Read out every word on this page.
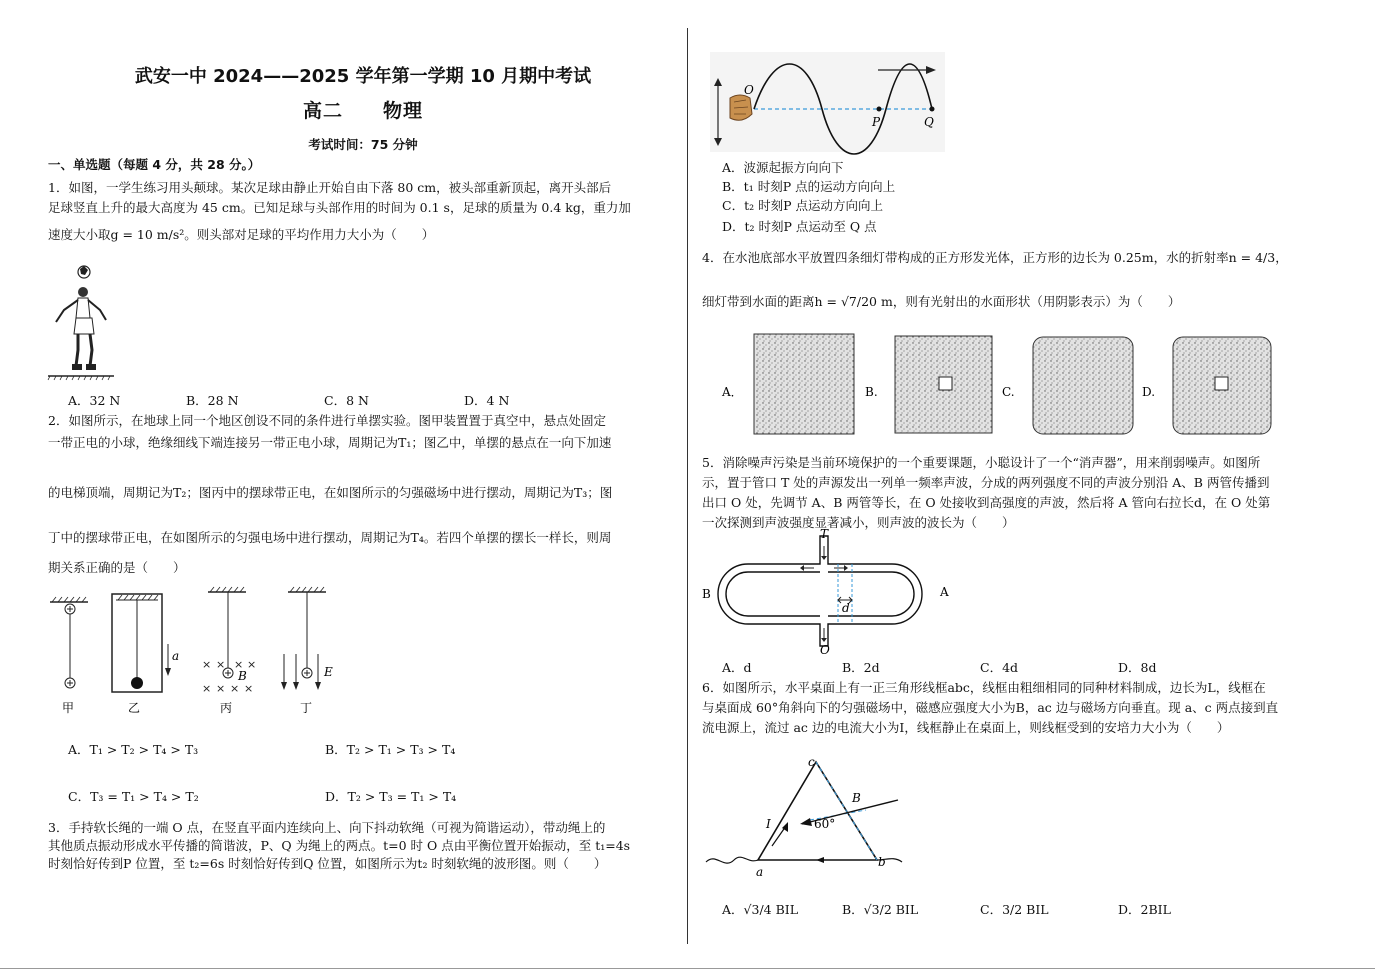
武安一中 2024——2025 学年第一学期 10 月期中考试
高二　　物理
考试时间：75 分钟
一、单选题（每题 4 分，共 28 分。）
1．如图，一学生练习用头颠球。某次足球由静止开始自由下落 80 cm，被头部重新顶起，离开头部后
足球竖直上升的最大高度为 45 cm。已知足球与头部作用的时间为 0.1 s，足球的质量为 0.4 kg，重力加
速度大小取g = 10 m/s²。则头部对足球的平均作用力大小为（　　）
A．32 N	B．28 N	C．8 N	D．4 N
2．如图所示，在地球上同一个地区创设不同的条件进行单摆实验。图甲装置置于真空中，悬点处固定
一带正电的小球，绝缘细线下端连接另一带正电小球，周期记为T₁；图乙中，单摆的悬点在一向下加速
的电梯顶端，周期记为T₂；图丙中的摆球带正电，在如图所示的匀强磁场中进行摆动，周期记为T₃；图
丁中的摆球带正电，在如图所示的匀强电场中进行摆动，周期记为T₄。若四个单摆的摆长一样长，则周
期关系正确的是（　　）
× × × ×
× × × ×
a
B	E
甲	乙	丙	丁
A．T₁ > T₂ > T₄ > T₃	B．T₂ > T₁ > T₃ > T₄
C．T₃ = T₁ > T₄ > T₂	D．T₂ > T₃ = T₁ > T₄
3．手持软长绳的一端 O 点，在竖直平面内连续向上、向下抖动软绳（可视为简谐运动），带动绳上的
其他质点振动形成水平传播的简谐波，P、Q 为绳上的两点。t=0 时 O 点由平衡位置开始振动，至 t₁=4s
时刻恰好传到P 位置，至 t₂=6s 时刻恰好传到Q 位置，如图所示为t₂ 时刻软绳的波形图。则（　　）
O
P	Q
A．波源起振方向向下
B．t₁ 时刻P 点的运动方向向上
C．t₂ 时刻P 点运动方向向上
D．t₂ 时刻P 点运动至 Q 点
4．在水池底部水平放置四条细灯带构成的正方形发光体，正方形的边长为 0.25m，水的折射率n = 4/3，
细灯带到水面的距离h = √7/20 m，则有光射出的水面形状（用阴影表示）为（　　）
A．	B.	C.	D.
5．消除噪声污染是当前环境保护的一个重要课题，小聪设计了一个“消声器”，用来削弱噪声。如图所
示，置于管口 T 处的声源发出一列单一频率声波，分成的两列强度不同的声波分别沿 A、B 两管传播到
出口 O 处，先调节 A、B 两管等长，在 O 处接收到高强度的声波，然后将 A 管向右拉长d，在 O 处第
一次探测到声波强度显著减小，则声波的波长为（　　）
T
A
B
O
d
A．d	B．2d	C．4d	D．8d
6．如图所示，水平桌面上有一正三角形线框abc，线框由粗细相同的同种材料制成，边长为L，线框在
与桌面成 60°角斜向下的匀强磁场中，磁感应强度大小为B，ac 边与磁场方向垂直。现 a、c 两点接到直
流电源上，流过 ac 边的电流大小为I，线框静止在桌面上，则线框受到的安培力大小为（　　）
a
b
c
B
I	60°
A．√3/4 BIL	B．√3/2 BIL	C．3/2 BIL	D．2BIL
